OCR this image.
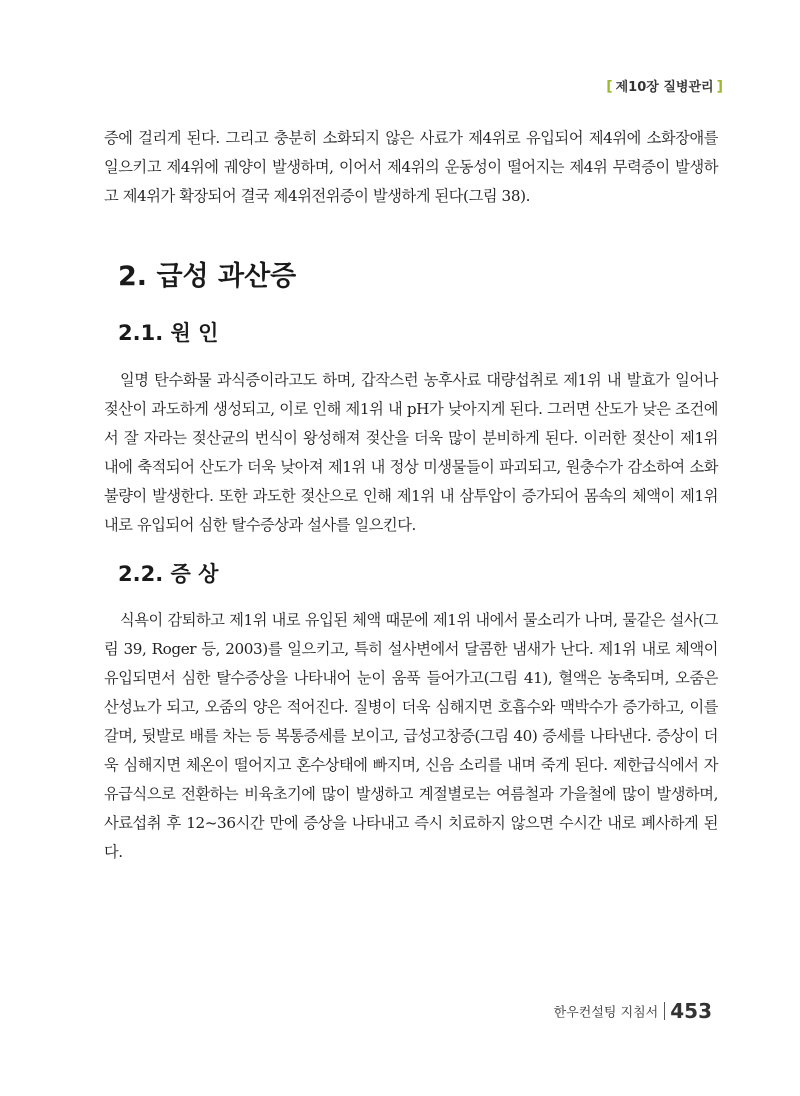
[ 제10장 질병관리 ]

증에 걸리게 된다. 그리고 충분히 소화되지 않은 사료가 제4위로 유입되어 제4위에 소화장애를 일으키고 제4위에 궤양이 발생하며, 이어서 제4위의 운동성이 떨어지는 제4위 무력증이 발생하고 제4위가 확장되어 결국 제4위전위증이 발생하게 된다(그림 38).

2. 급성 과산증
2.1. 원 인

일명 탄수화물 과식증이라고도 하며, 갑작스런 농후사료 대량섭취로 제1위 내 발효가 일어나 젖산이 과도하게 생성되고, 이로 인해 제1위 내 pH가 낮아지게 된다. 그러면 산도가 낮은 조건에서 잘 자라는 젖산균의 번식이 왕성해져 젖산을 더욱 많이 분비하게 된다. 이러한 젖산이 제1위 내에 축적되어 산도가 더욱 낮아져 제1위 내 정상 미생물들이 파괴되고, 원충수가 감소하여 소화불량이 발생한다. 또한 과도한 젖산으로 인해 제1위 내 삼투압이 증가되어 몸속의 체액이 제1위 내로 유입되어 심한 탈수증상과 설사를 일으킨다.

2.2. 증 상

식욕이 감퇴하고 제1위 내로 유입된 체액 때문에 제1위 내에서 물소리가 나며, 물같은 설사(그림 39, Roger 등, 2003)를 일으키고, 특히 설사변에서 달콤한 냄새가 난다. 제1위 내로 체액이 유입되면서 심한 탈수증상을 나타내어 눈이 움푹 들어가고(그림 41), 혈액은 농축되며, 오줌은 산성뇨가 되고, 오줌의 양은 적어진다. 질병이 더욱 심해지면 호흡수와 맥박수가 증가하고, 이를 갈며, 뒷발로 배를 차는 등 복통증세를 보이고, 급성고창증(그림 40) 증세를 나타낸다. 증상이 더욱 심해지면 체온이 떨어지고 혼수상태에 빠지며, 신음 소리를 내며 죽게 된다. 제한급식에서 자유급식으로 전환하는 비육초기에 많이 발생하고 계절별로는 여름철과 가을철에 많이 발생하며, 사료섭취 후 12~36시간 만에 증상을 나타내고 즉시 치료하지 않으면 수시간 내로 폐사하게 된다.

한우컨설팅 지침서 453
